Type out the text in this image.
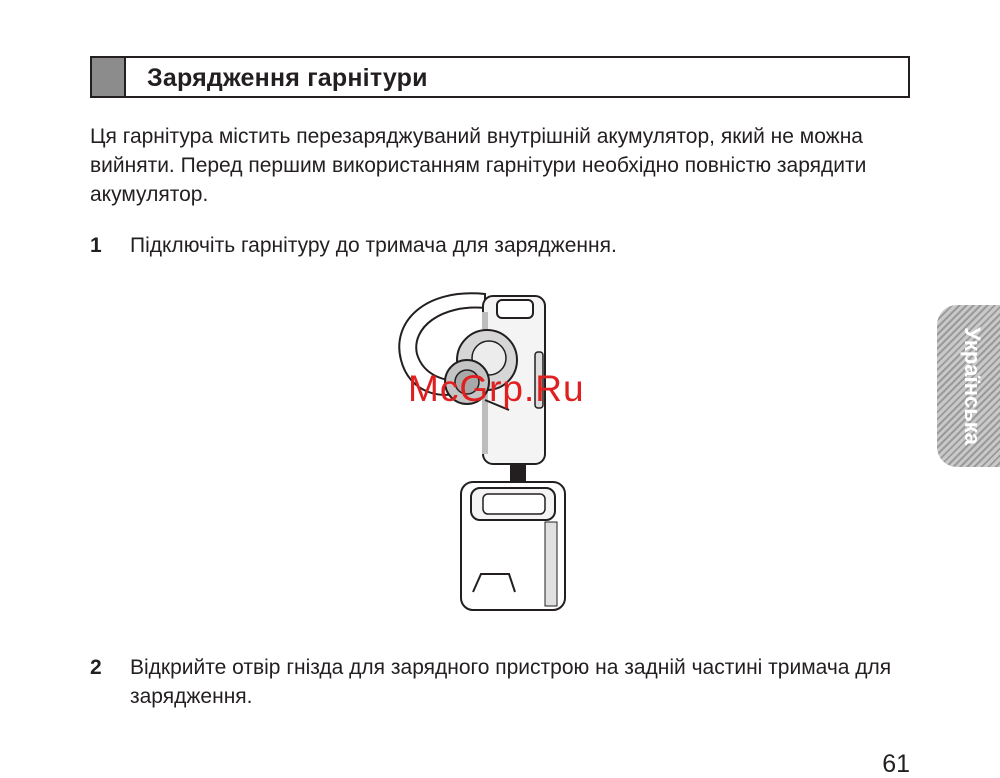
Зарядження гарнітури
Ця гарнітура містить перезаряджуваний внутрішній акумулятор, який не можна вийняти. Перед першим використанням гарнітури необхідно повністю зарядити акумулятор.
1 Підключіть гарнітуру до тримача для зарядження.
McGrp.Ru
2 Відкрийте отвір гнізда для зарядного пристрою на задній частині тримача для зарядження.
61
Українська
